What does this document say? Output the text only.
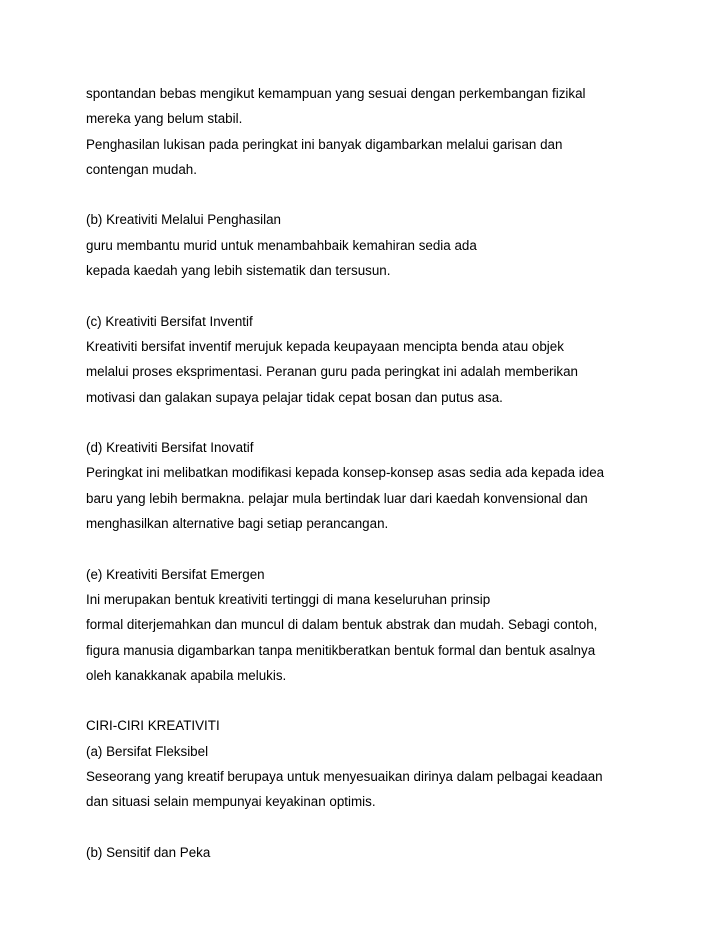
spontandan bebas mengikut kemampuan yang sesuai dengan perkembangan fizikal
mereka yang belum stabil.
Penghasilan lukisan pada peringkat ini banyak digambarkan melalui garisan dan
contengan mudah.
(b) Kreativiti Melalui Penghasilan
guru membantu murid untuk menambahbaik kemahiran sedia ada
kepada kaedah yang lebih sistematik dan tersusun.
(c) Kreativiti Bersifat Inventif
Kreativiti bersifat inventif merujuk kepada keupayaan mencipta benda atau objek
melalui proses eksprimentasi. Peranan guru pada peringkat ini adalah memberikan
motivasi dan galakan supaya pelajar tidak cepat bosan dan putus asa.
(d) Kreativiti Bersifat Inovatif
Peringkat ini melibatkan modifikasi kepada konsep-konsep asas sedia ada kepada idea
baru yang lebih bermakna. pelajar mula bertindak luar dari kaedah konvensional dan
menghasilkan alternative bagi setiap perancangan.
(e) Kreativiti Bersifat Emergen
Ini merupakan bentuk kreativiti tertinggi di mana keseluruhan prinsip
formal diterjemahkan dan muncul di dalam bentuk abstrak dan mudah. Sebagi contoh,
figura manusia digambarkan tanpa menitikberatkan bentuk formal dan bentuk asalnya
oleh kanakkanak apabila melukis.
CIRI-CIRI KREATIVITI
(a) Bersifat Fleksibel
Seseorang yang kreatif berupaya untuk menyesuaikan dirinya dalam pelbagai keadaan
dan situasi selain mempunyai keyakinan optimis.
(b) Sensitif dan Peka
